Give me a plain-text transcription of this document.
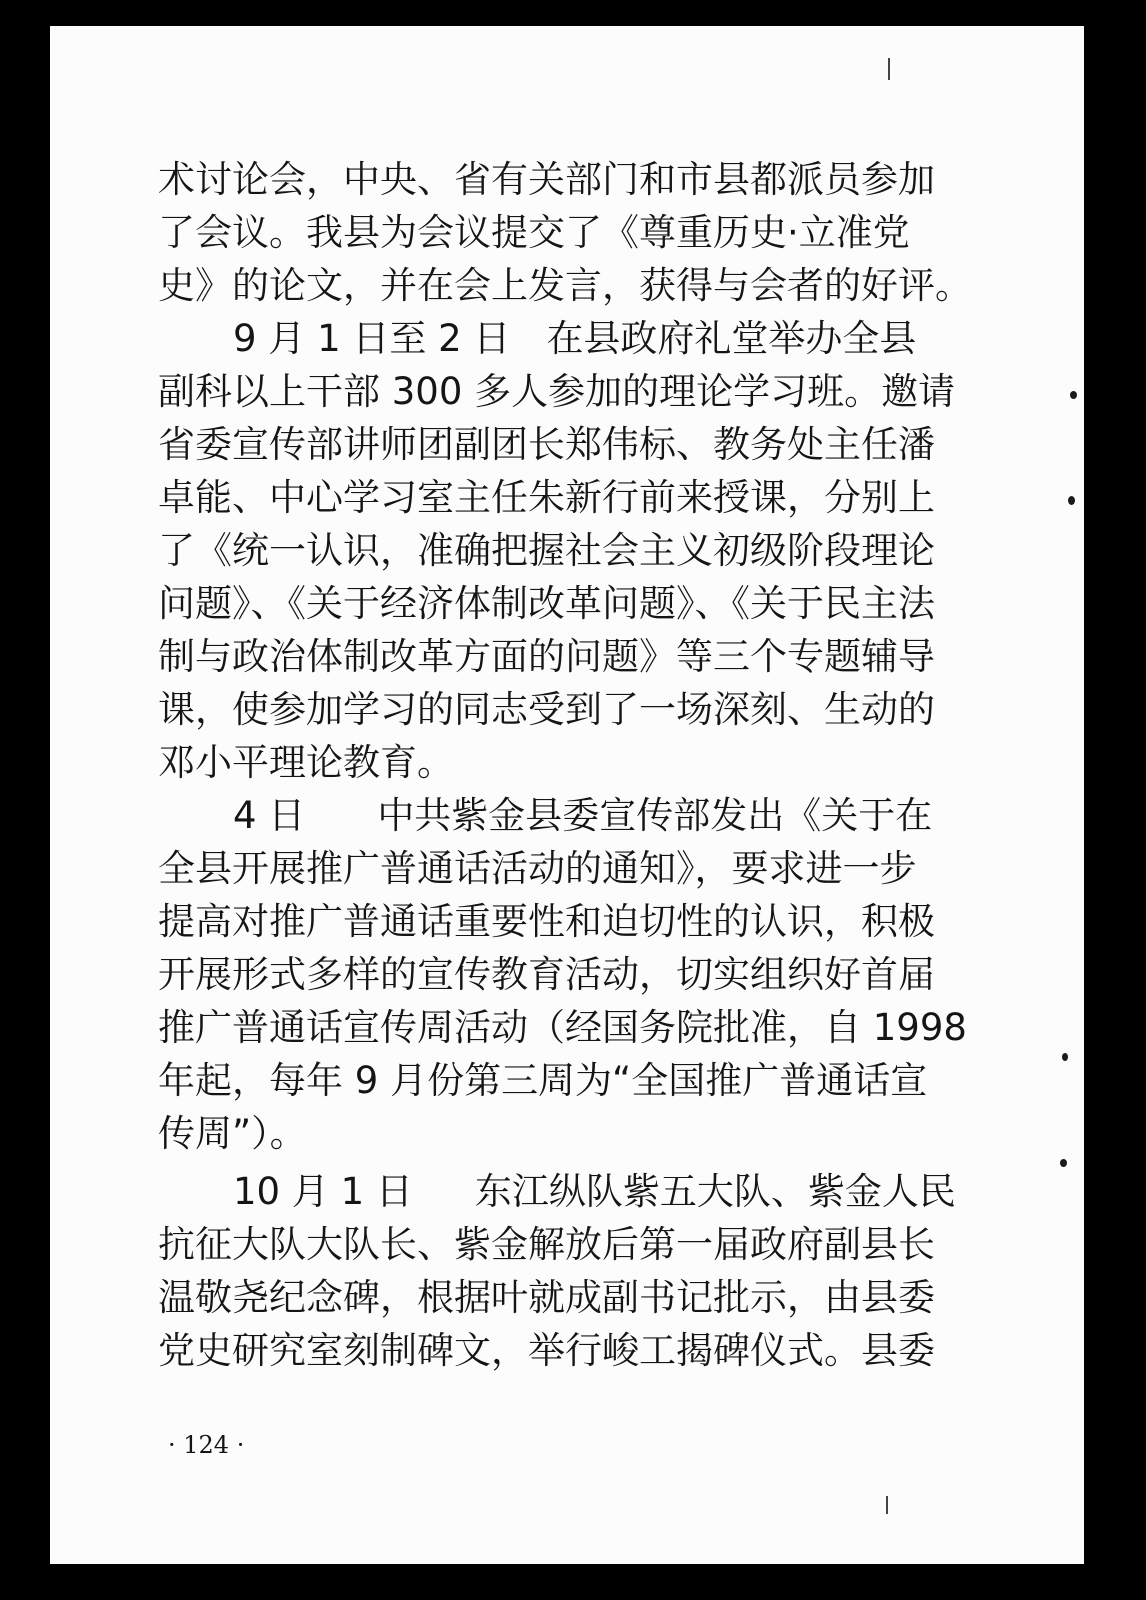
术讨论会，中央、省有关部门和市县都派员参加
了会议。我县为会议提交了《尊重历史·立准党
史》的论文，并在会上发言，获得与会者的好评。
9 月 1 日至 2 日 在县政府礼堂举办全县
副科以上干部 300 多人参加的理论学习班。邀请
省委宣传部讲师团副团长郑伟标、教务处主任潘
卓能、中心学习室主任朱新行前来授课，分别上
了《统一认识，准确把握社会主义初级阶段理论
问题》、《关于经济体制改革问题》、《关于民主法
制与政治体制改革方面的问题》等三个专题辅导
课，使参加学习的同志受到了一场深刻、生动的
邓小平理论教育。
4 日 中共紫金县委宣传部发出《关于在
全县开展推广普通话活动的通知》，要求进一步
提高对推广普通话重要性和迫切性的认识，积极
开展形式多样的宣传教育活动，切实组织好首届
推广普通话宣传周活动（经国务院批准，自 1998
年起，每年 9 月份第三周为“全国推广普通话宣
传周”）。
10 月 1 日 东江纵队紫五大队、紫金人民
抗征大队大队长、紫金解放后第一届政府副县长
温敬尧纪念碑，根据叶就成副书记批示，由县委
党史研究室刻制碑文，举行峻工揭碑仪式。县委
· 124 ·
